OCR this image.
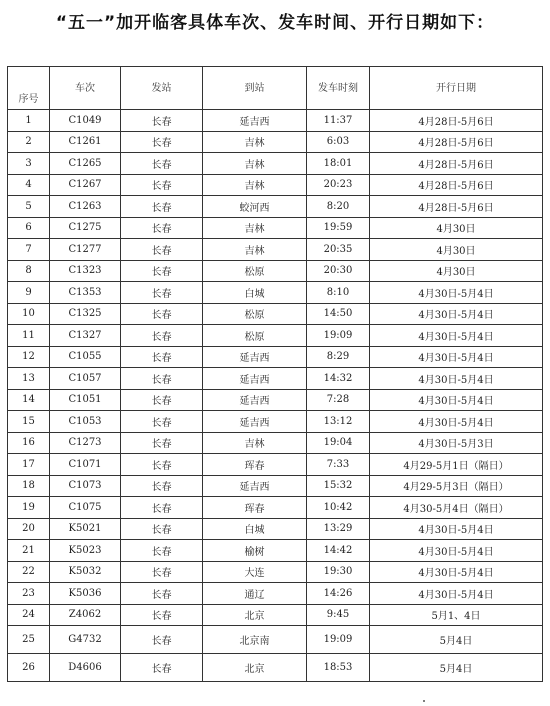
“五一”加开临客具体车次、发车时间、开行日期如下：
序号	车次	发站	到站	发车时刻	开行日期

1	C1049	长春	延吉西	11:37	4月28日-5月6日
2	C1261	长春	吉林	6:03	4月28日-5月6日
3	C1265	长春	吉林	18:01	4月28日-5月6日
4	C1267	长春	吉林	20:23	4月28日-5月6日
5	C1263	长春	蛟河西	8:20	4月28日-5月6日
6	C1275	长春	吉林	19:59	4月30日
7	C1277	长春	吉林	20:35	4月30日
8	C1323	长春	松原	20:30	4月30日
9	C1353	长春	白城	8:10	4月30日-5月4日
10	C1325	长春	松原	14:50	4月30日-5月4日
11	C1327	长春	松原	19:09	4月30日-5月4日
12	C1055	长春	延吉西	8:29	4月30日-5月4日
13	C1057	长春	延吉西	14:32	4月30日-5月4日
14	C1051	长春	延吉西	7:28	4月30日-5月4日
15	C1053	长春	延吉西	13:12	4月30日-5月4日
16	C1273	长春	吉林	19:04	4月30日-5月3日
17	C1071	长春	珲春	7:33	4月29-5月1日（隔日）
18	C1073	长春	延吉西	15:32	4月29-5月3日（隔日）
19	C1075	长春	珲春	10:42	4月30-5月4日（隔日）
20	K5021	长春	白城	13:29	4月30日-5月4日
21	K5023	长春	榆树	14:42	4月30日-5月4日
22	K5032	长春	大连	19:30	4月30日-5月4日
23	K5036	长春	通辽	14:26	4月30日-5月4日
24	Z4062	长春	北京	9:45	5月1、4日
25	G4732	长春	北京南	19:09	5月4日
26	D4606	长春	北京	18:53	5月4日
